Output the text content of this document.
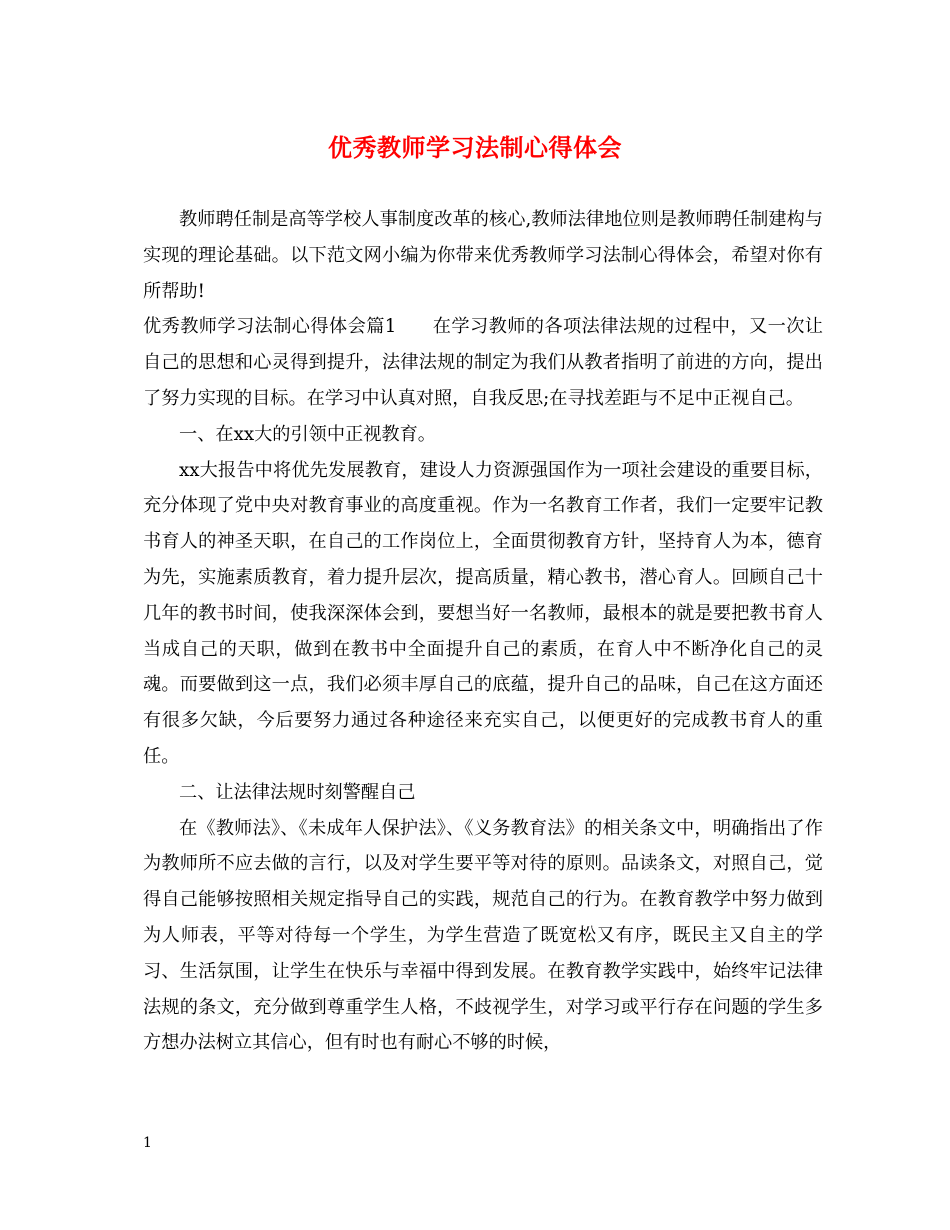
优秀教师学习法制心得体会

教师聘任制是高等学校人事制度改革的核心,教师法律地位则是教师聘任制建构与实现的理论基础。以下范文网小编为你带来优秀教师学习法制心得体会，希望对你有所帮助!

优秀教师学习法制心得体会篇1 在学习教师的各项法律法规的过程中，又一次让自己的思想和心灵得到提升，法律法规的制定为我们从教者指明了前进的方向，提出了努力实现的目标。在学习中认真对照，自我反思;在寻找差距与不足中正视自己。

一、在xx大的引领中正视教育。

xx大报告中将优先发展教育，建设人力资源强国作为一项社会建设的重要目标，充分体现了党中央对教育事业的高度重视。作为一名教育工作者，我们一定要牢记教书育人的神圣天职，在自己的工作岗位上，全面贯彻教育方针，坚持育人为本，德育为先，实施素质教育，着力提升层次，提高质量，精心教书，潜心育人。回顾自己十几年的教书时间，使我深深体会到，要想当好一名教师，最根本的就是要把教书育人当成自己的天职，做到在教书中全面提升自己的素质，在育人中不断净化自己的灵魂。而要做到这一点，我们必须丰厚自己的底蕴，提升自己的品味，自己在这方面还有很多欠缺，今后要努力通过各种途径来充实自己，以便更好的完成教书育人的重任。

二、让法律法规时刻警醒自己

在《教师法》、《未成年人保护法》、《义务教育法》的相关条文中，明确指出了作为教师所不应去做的言行，以及对学生要平等对待的原则。品读条文，对照自己，觉得自己能够按照相关规定指导自己的实践，规范自己的行为。在教育教学中努力做到为人师表，平等对待每一个学生，为学生营造了既宽松又有序，既民主又自主的学习、生活氛围，让学生在快乐与幸福中得到发展。在教育教学实践中，始终牢记法律法规的条文，充分做到尊重学生人格，不歧视学生，对学习或平行存在问题的学生多方想办法树立其信心，但有时也有耐心不够的时候，

1
